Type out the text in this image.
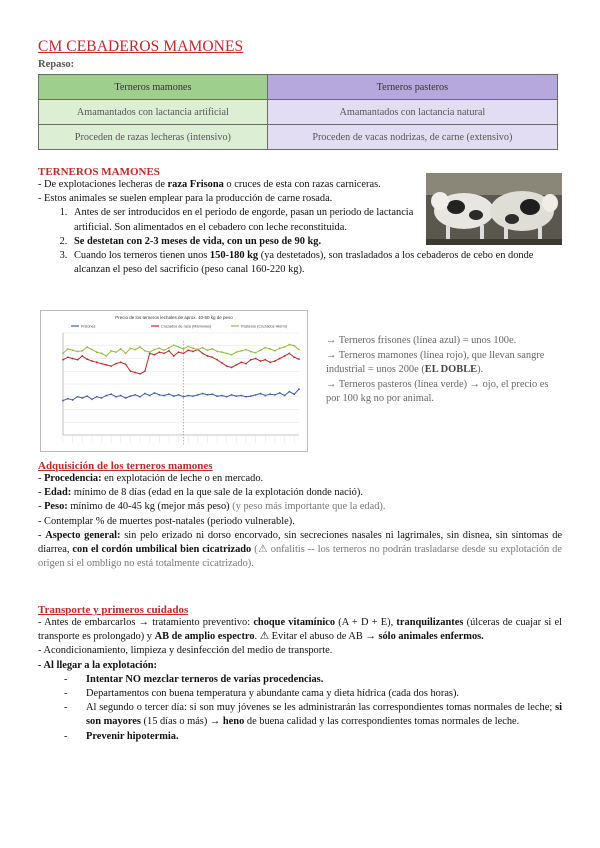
CM CEBADEROS MAMONES
Repaso:
Terneros mamones	Terneros pasteros
Amamantados con lactancia artificial	Amamantados con lactancia natural
Proceden de razas lecheras (intensivo)	Proceden de vacas nodrizas, de carne (extensivo)
TERNEROS MAMONES
- De explotaciones lecheras de raza Frisona o cruces de esta con razas carniceras.
- Estos animales se suelen emplear para la producción de carne rosada.
1. Antes de ser introducidos en el periodo de engorde, pasan un periodo de lactancia artificial. Son alimentados en el cebadero con leche reconstituida.
2. Se destetan con 2-3 meses de vida, con un peso de 90 kg.
3. Cuando los terneros tienen unos 150-180 kg (ya destetados), son trasladados a los cebaderos de cebo en donde alcanzan el peso del sacrificio (peso canal 160-220 kg).
Precio de los terneros lechales de aprox. 40-50 kg de peso
Frisones	Cruzados de raza (Mamones)	Pasteros (Cruzados Hierro)
→ Terneros frisones (línea azul) = unos 100e.
→ Terneros mamones (línea rojo), que llevan sangre industrial = unos 200e (EL DOBLE).
→ Terneros pasteros (línea verde) → ojo, el precio es por 100 kg no por animal.
Adquisición de los terneros mamones
- Procedencia: en explotación de leche o en mercado.
- Edad: mínimo de 8 días (edad en la que sale de la explotación donde nació).
- Peso: mínimo de 40-45 kg (mejor más peso) (y peso más importante que la edad).
- Contemplar % de muertes post-natales (periodo vulnerable).
- Aspecto general: sin pelo erizado ni dorso encorvado, sin secreciones nasales ni lagrimales, sin disnea, sin síntomas de diarrea, con el cordón umbilical bien cicatrizado (⚠ onfalitis -- los terneros no podrán trasladarse desde su explotación de origen si el ombligo no está totalmente cicatrizado).
Transporte y primeros cuidados
- Antes de embarcarlos → tratamiento preventivo: choque vitamínico (A + D + E), tranquilizantes (úlceras de cuajar si el transporte es prolongado) y AB de amplio espectro. ⚠ Evitar el abuso de AB → sólo animales enfermos.
- Acondicionamiento, limpieza y desinfección del medio de transporte.
- Al llegar a la explotación:
- Intentar NO mezclar terneros de varias procedencias.
- Departamentos con buena temperatura y abundante cama y dieta hídrica (cada dos horas).
- Al segundo o tercer día: si son muy jóvenes se les administrarán las correspondientes tomas normales de leche; si son mayores (15 días o más) → heno de buena calidad y las correspondientes tomas normales de leche.
- Prevenir hipotermia.
